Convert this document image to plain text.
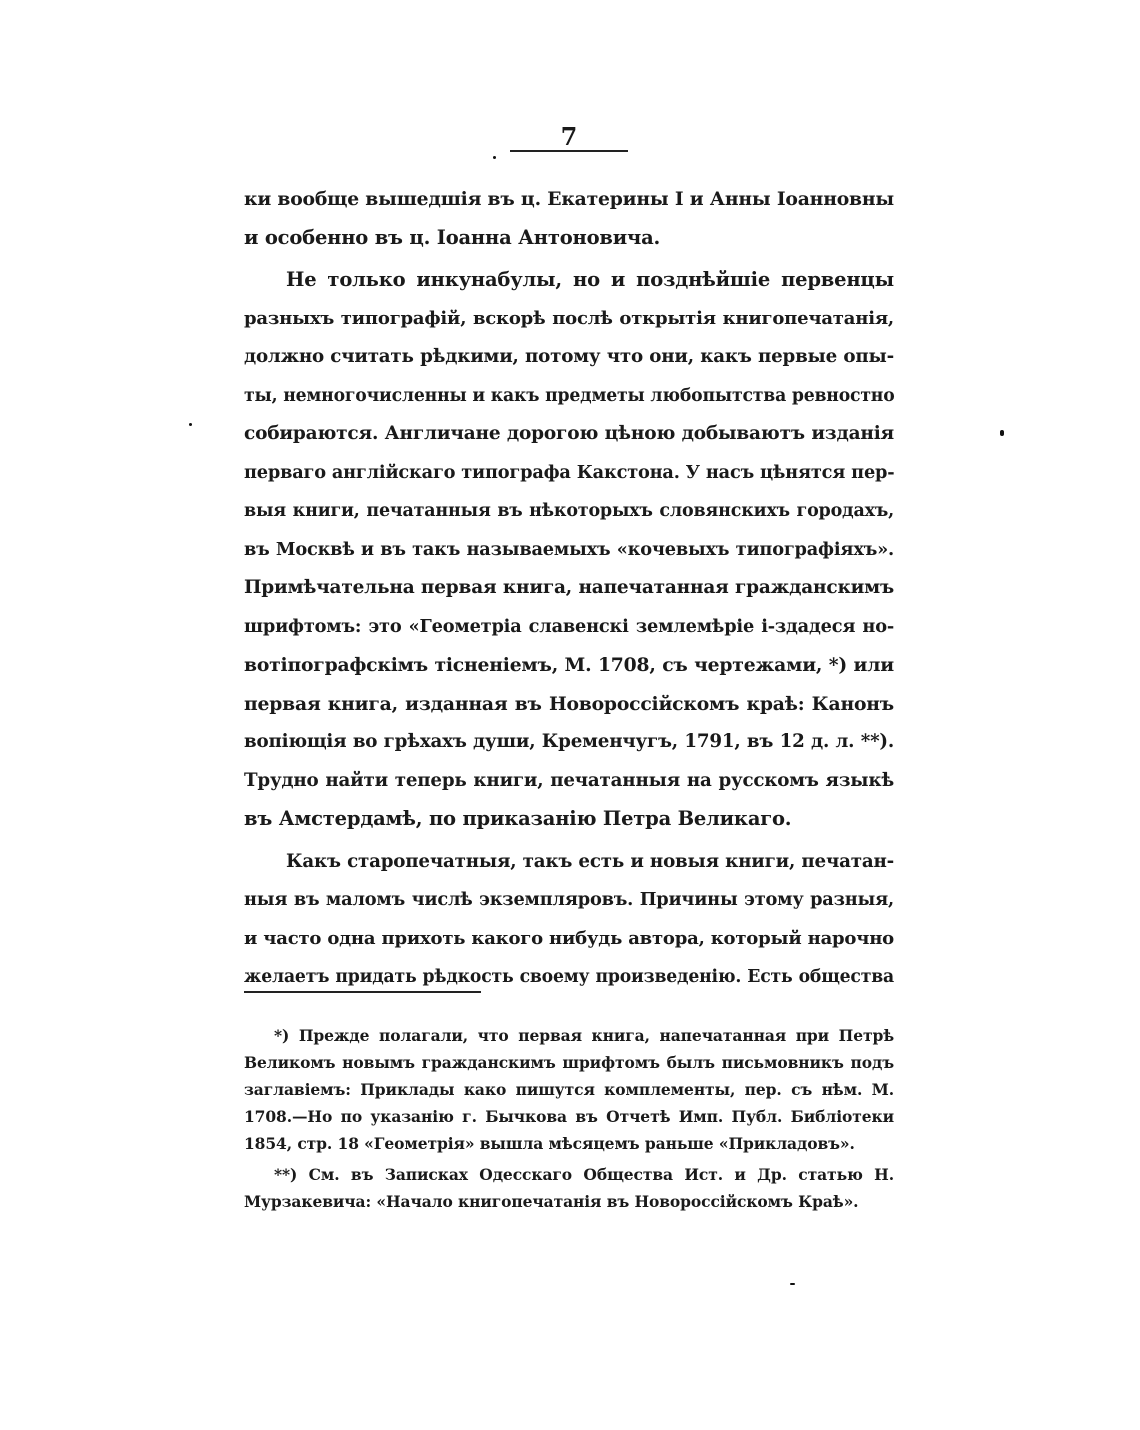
7
ки вообще вышедшія въ ц. Екатерины I и Анны Іоанновны
и особенно въ ц. Іоанна Антоновича.
Не только инкунабулы, но и позднѣйшіе первенцы
разныхъ типографій, вскорѣ послѣ открытія книгопечатанія,
должно считать рѣдкими, потому что они, какъ первые опы-
ты, немногочисленны и какъ предметы любопытства ревностно
собираются. Англичане дорогою цѣною добываютъ изданія
перваго англійскаго типографа Какстона. У насъ цѣнятся пер-
выя книги, печатанныя въ нѣкоторыхъ словянскихъ городахъ,
въ Москвѣ и въ такъ называемыхъ «кочевыхъ типографіяхъ».
Примѣчательна первая книга, напечатанная гражданскимъ
шрифтомъ: это «Геометріа славенскі землемѣріе і-здадеся но-
вотіпографскімъ тісненіемъ, М. 1708, съ чертежами, *) или
первая книга, изданная въ Новороссійскомъ краѣ: Канонъ
вопіющія во грѣхахъ души, Кременчугъ, 1791, въ 12 д. л. **).
Трудно найти теперь книги, печатанныя на русскомъ языкѣ
въ Амстердамѣ, по приказанію Петра Великаго.
Какъ старопечатныя, такъ есть и новыя книги, печатан-
ныя въ маломъ числѣ экземпляровъ. Причины этому разныя,
и часто одна прихоть какого нибудь автора, который нарочно
желаетъ придать рѣдкость своему произведенію. Есть общества
*) Прежде полагали, что первая книга, напечатанная при Петрѣ
Великомъ новымъ гражданскимъ шрифтомъ былъ письмовникъ подъ
заглавіемъ: Приклады како пишутся комплементы, пер. съ нѣм. М.
1708.—Но по указанію г. Бычкова въ Отчетѣ Имп. Публ. Библіотеки
1854, стр. 18 «Геометрія» вышла мѣсяцемъ раньше «Прикладовъ».
**) См. въ Записках Одесскаго Общества Ист. и Др. статью Н.
Мурзакевича: «Начало книгопечатанія въ Новороссійскомъ Краѣ».
